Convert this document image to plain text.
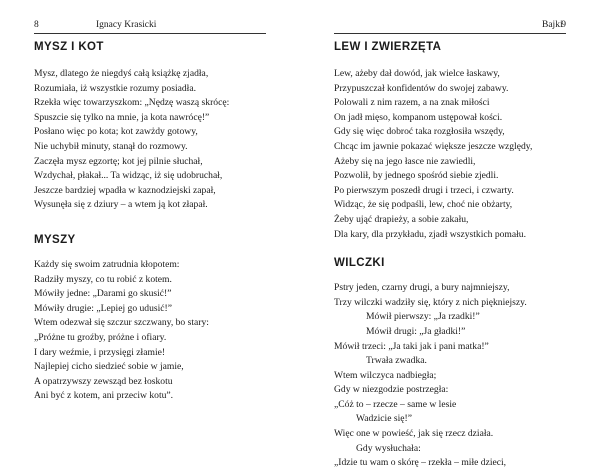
8	Ignacy Krasicki
MYSZ I KOT
Mysz, dlatego że niegdyś całą książkę zjadła,
Rozumiała, iż wszystkie rozumy posiadła.
Rzekła więc towarzyszkom: „Nędzę waszą skrócę:
Spuszcie się tylko na mnie, ja kota nawrócę!”
Posłano więc po kota; kot zawżdy gotowy,
Nie uchybił minuty, stanął do rozmowy.
Zaczęła mysz egzortę; kot jej pilnie słuchał,
Wzdychał, płakał... Ta widząc, iż się udobruchał,
Jeszcze bardziej wpadła w kaznodziejski zapał,
Wysunęła się z dziury – a wtem ją kot złapał.
MYSZY
Każdy się swoim zatrudnia kłopotem:
Radziły myszy, co tu robić z kotem.
Mówiły jedne: „Darami go skusić!”
Mówiły drugie: „Lepiej go udusić!”
Wtem odezwał się szczur szczwany, bo stary:
„Próżne tu groźby, próżne i ofiary.
I dary weźmie, i przysięgi złamie!
Najlepiej cicho siedzieć sobie w jamie,
A opatrzywszy zewsząd bez łoskotu
Ani być z kotem, ani przeciw kotu”.
Bajki
9
LEW I ZWIERZĘTA
Lew, ażeby dał dowód, jak wielce łaskawy,
Przypuszczał konfidentów do swojej zabawy.
Polowali z nim razem, a na znak miłości
On jadł mięso, kompanom ustępował kości.
Gdy się więc dobroć taka rozgłosiła wszędy,
Chcąc im jawnie pokazać większe jeszcze względy,
Ażeby się na jego łasce nie zawiedli,
Pozwolił, by jednego spośród siebie zjedli.
Po pierwszym poszedł drugi i trzeci, i czwarty.
Widząc, że się podpaśli, lew, choć nie obżarty,
Żeby ująć drapieży, a sobie zakału,
Dla kary, dla przykładu, zjadł wszystkich pomału.
WILCZKI
Pstry jeden, czarny drugi, a bury najmniejszy,
Trzy wilczki wadziły się, który z nich piękniejszy.
Mówił pierwszy: „Ja rzadki!”
Mówił drugi: „Ja gładki!”
Mówił trzeci: „Ja taki jak i pani matka!”
Trwała zwadka.
Wtem wilczyca nadbiegła;
Gdy w niezgodzie postrzegła:
„Cóż to – rzecze – same w lesie
Wadzicie się!”
Więc one w powieść, jak się rzecz działa.
Gdy wysłuchała:
„Idzie tu wam o skórę – rzekła – miłe dzieci,
